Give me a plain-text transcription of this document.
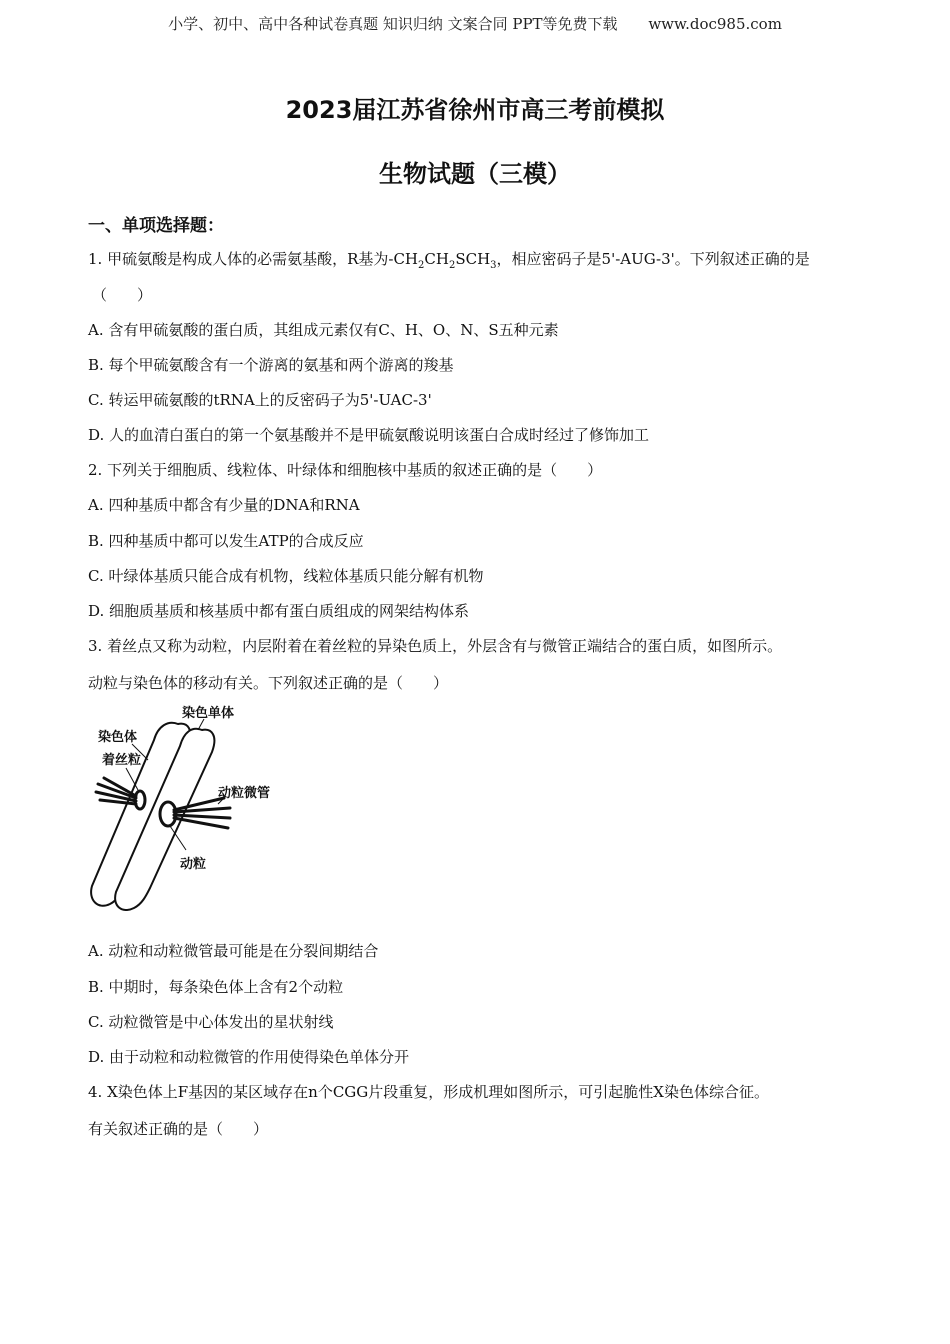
小学、初中、高中各种试卷真题 知识归纳 文案合同 PPT等免费下载 www.doc985.com
2023届江苏省徐州市高三考前模拟
生物试题（三模）
一、单项选择题：
1. 甲硫氨酸是构成人体的必需氨基酸，R基为$-CH_2CH_2SCH_3$，相应密码子是5'-AUG-3'。下列叙述正确的是
（　　）
A. 含有甲硫氨酸的蛋白质，其组成元素仅有C、H、O、N、S五种元素
B. 每个甲硫氨酸含有一个游离的氨基和两个游离的羧基
C. 转运甲硫氨酸的tRNA上的反密码子为5'-UAC-3'
D. 人的血清白蛋白的第一个氨基酸并不是甲硫氨酸说明该蛋白合成时经过了修饰加工
2. 下列关于细胞质、线粒体、叶绿体和细胞核中基质的叙述正确的是（　　）
A. 四种基质中都含有少量的DNA和RNA
B. 四种基质中都可以发生ATP的合成反应
C. 叶绿体基质只能合成有机物，线粒体基质只能分解有机物
D. 细胞质基质和核基质中都有蛋白质组成的网架结构体系
3. 着丝点又称为动粒，内层附着在着丝粒的异染色质上，外层含有与微管正端结合的蛋白质，如图所示。
动粒与染色体的移动有关。下列叙述正确的是（　　）
染色单体
染色体
着丝粒
动粒微管
动粒
A. 动粒和动粒微管最可能是在分裂间期结合
B. 中期时，每条染色体上含有2个动粒
C. 动粒微管是中心体发出的星状射线
D. 由于动粒和动粒微管的作用使得染色单体分开
4. X染色体上F基因的某区域存在n个CGG片段重复，形成机理如图所示，可引起脆性X染色体综合征。
有关叙述正确的是（　　）
